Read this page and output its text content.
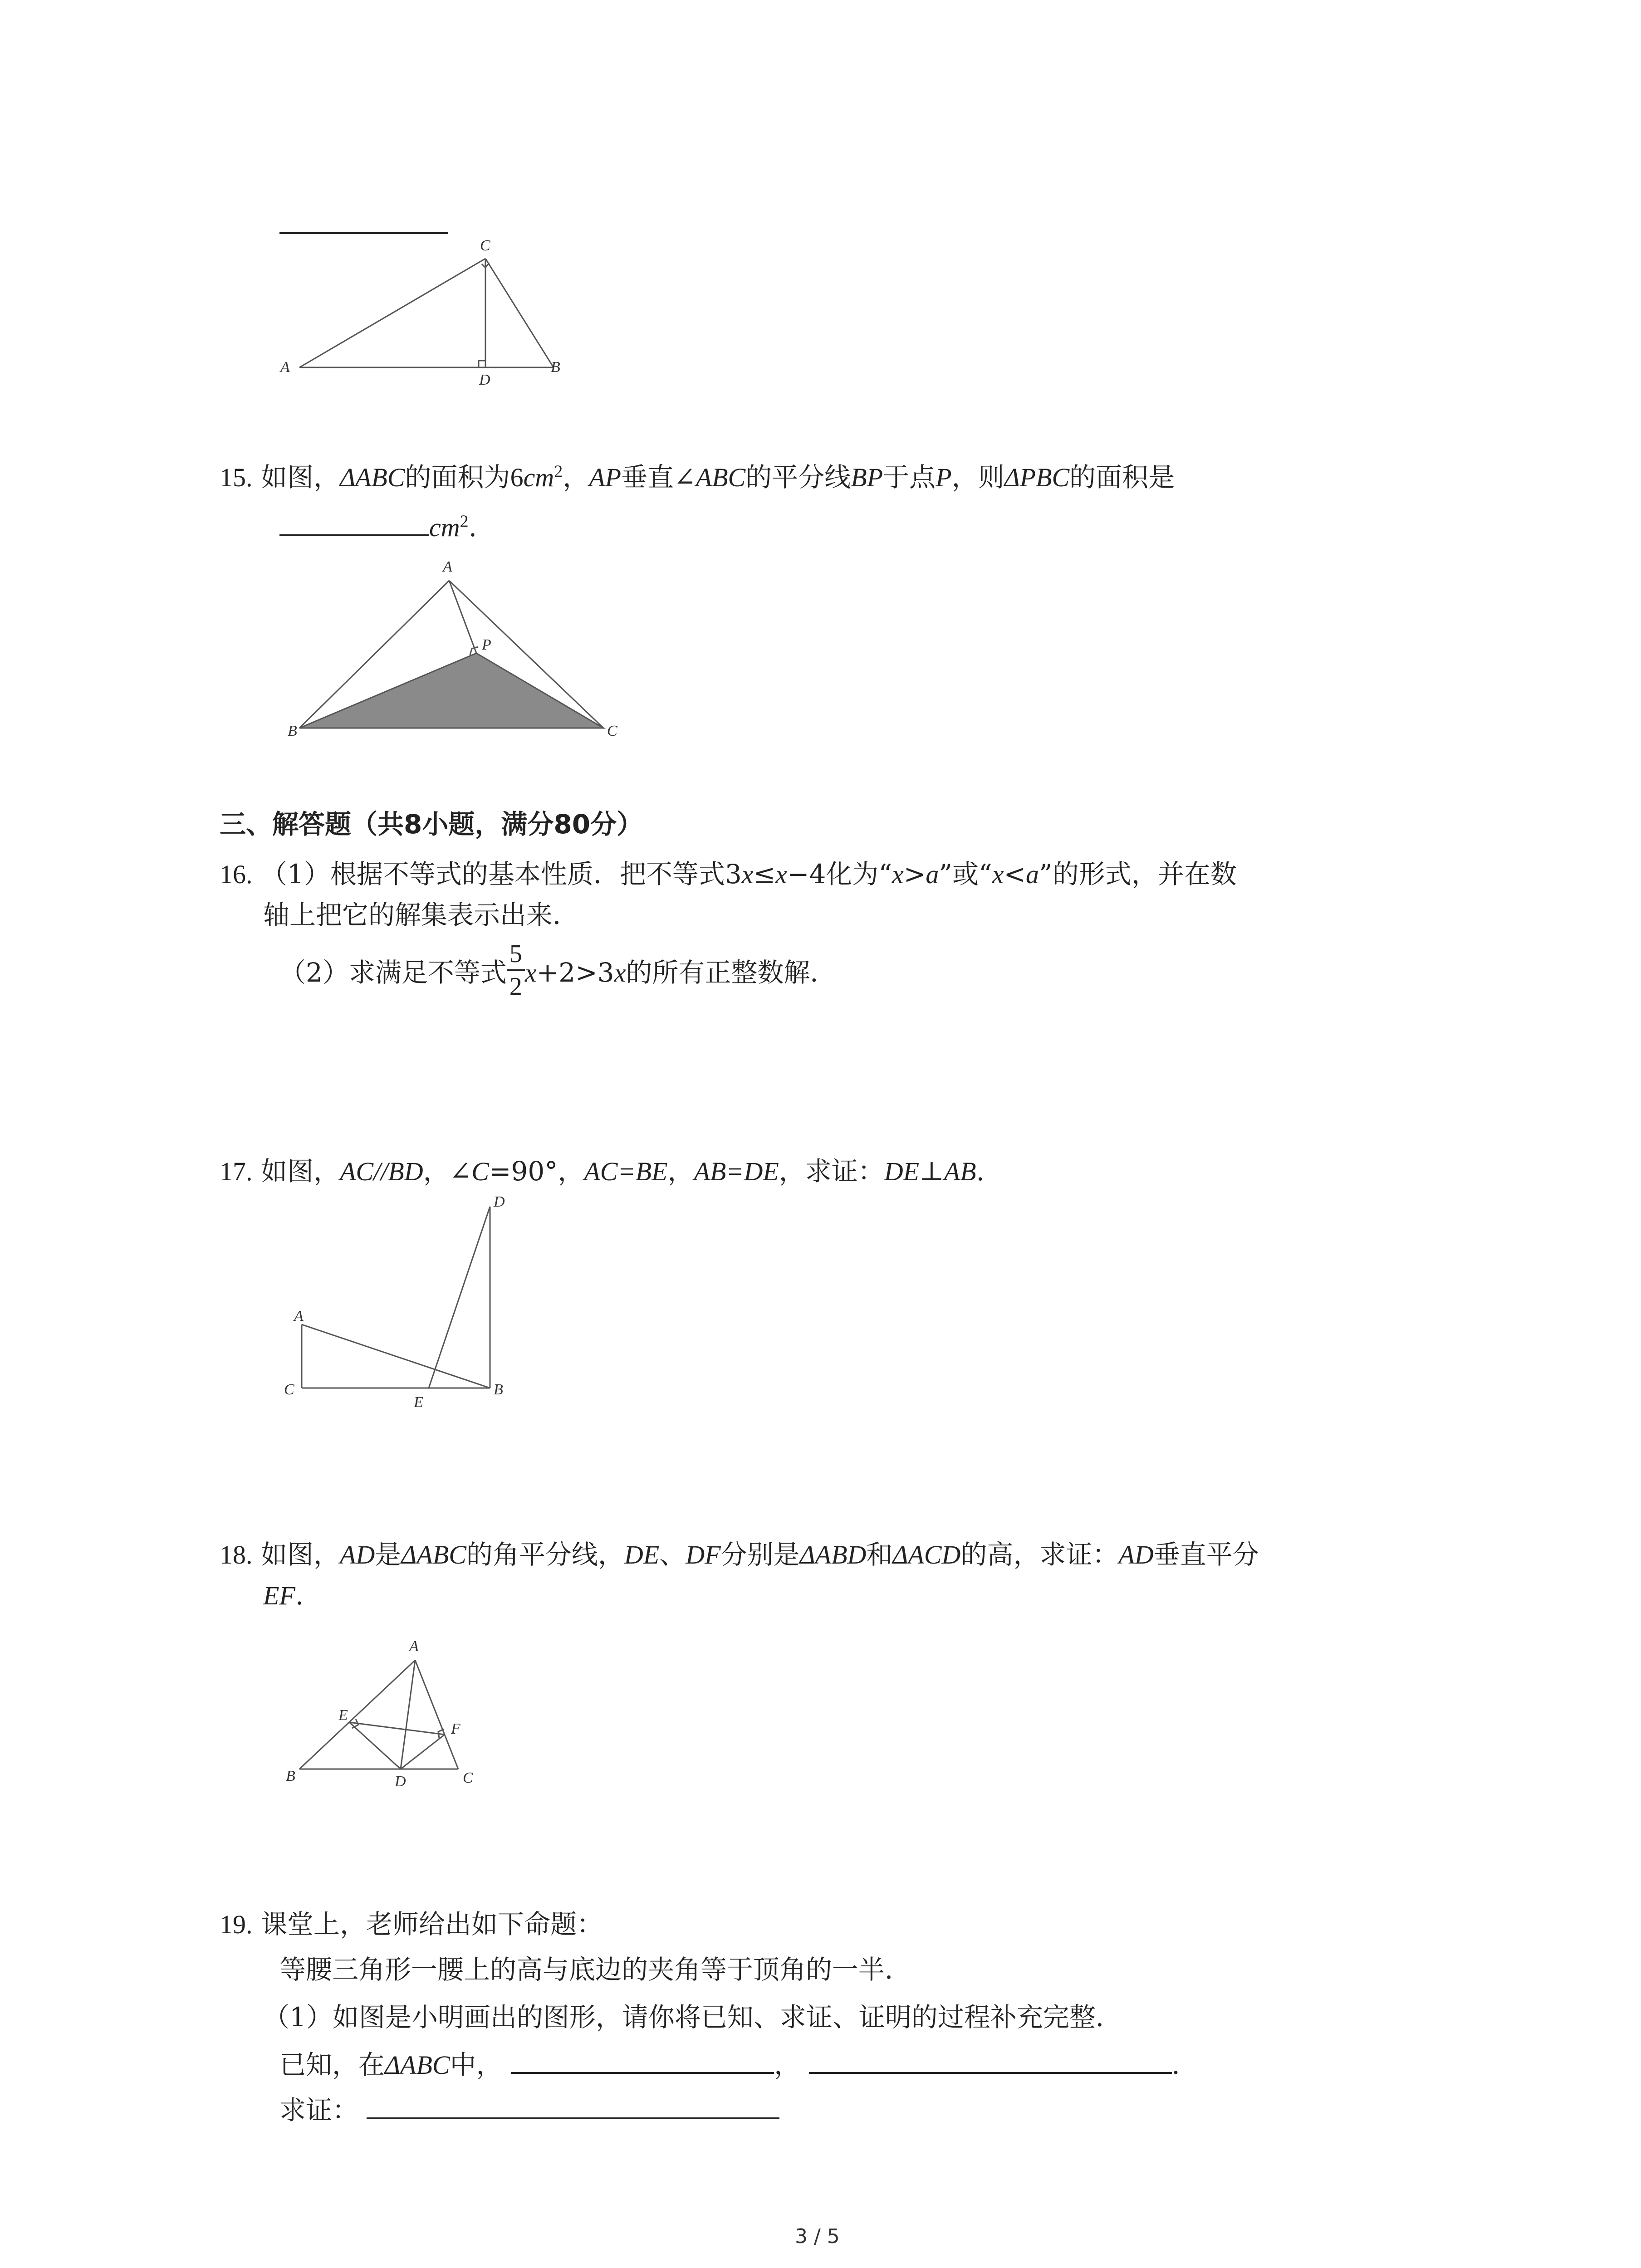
C
A
D
B
15. 如图，ΔABC的面积为$6cm^2$，AP垂直∠ABC的平分线BP于点P，则ΔPBC的面积是
$cm^2$.
A
P
B	C
三、解答题（共8小题，满分80分）
16. （1）根据不等式的基本性质．把不等式3x≤x−4化为“x>a”或“x<a”的形式，并在数
轴上把它的解集表示出来．
（2）求满足不等式 $\frac{5}{2} x+2>3x$的所有正整数解．
17. 如图，AC//BD，∠C=90°，AC=BE，AB=DE，求证：DE⊥AB.
D
A
C
E
B
18. 如图，AD是ΔABC的角平分线，DE、DF分别是ΔABD和ΔACD的高，求证：AD垂直平分
EF.
A
E
F
B	D	C
19. 课堂上，老师给出如下命题：
等腰三角形一腰上的高与底边的夹角等于顶角的一半．
（1）如图是小明画出的图形，请你将已知、求证、证明的过程补充完整．
已知，在ΔABC中，	，	．
求证：
3 / 5
